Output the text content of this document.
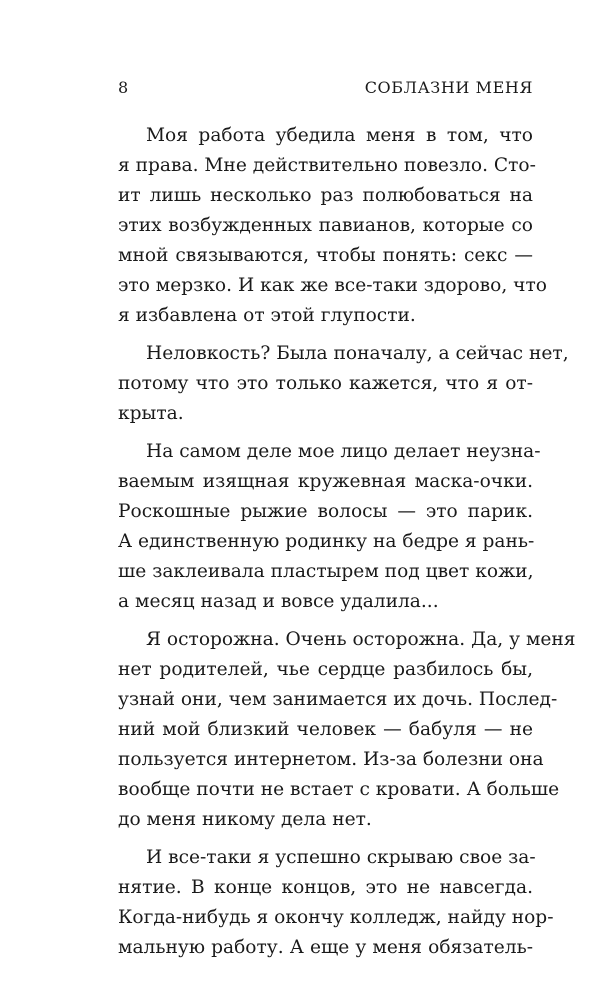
8	СОБЛАЗНИ МЕНЯ
Моя работа убедила меня в том, что
я права. Мне действительно повезло. Сто-
ит лишь несколько раз полюбоваться на
этих возбужденных павианов, которые со
мной связываются, чтобы понять: секс —
это мерзко. И как же все-таки здорово, что
я избавлена от этой глупости.
Неловкость? Была поначалу, а сейчас нет,
потому что это только кажется, что я от-
крыта.
На самом деле мое лицо делает неузна-
ваемым изящная кружевная маска-очки.
Роскошные рыжие волосы — это парик.
А единственную родинку на бедре я рань-
ше заклеивала пластырем под цвет кожи,
а месяц назад и вовсе удалила...
Я осторожна. Очень осторожна. Да, у меня
нет родителей, чье сердце разбилось бы,
узнай они, чем занимается их дочь. Послед-
ний мой близкий человек — бабуля — не
пользуется интернетом. Из-за болезни она
вообще почти не встает с кровати. А больше
до меня никому дела нет.
И все-таки я успешно скрываю свое за-
нятие. В конце концов, это не навсегда.
Когда-нибудь я окончу колледж, найду нор-
мальную работу. А еще у меня обязатель-
